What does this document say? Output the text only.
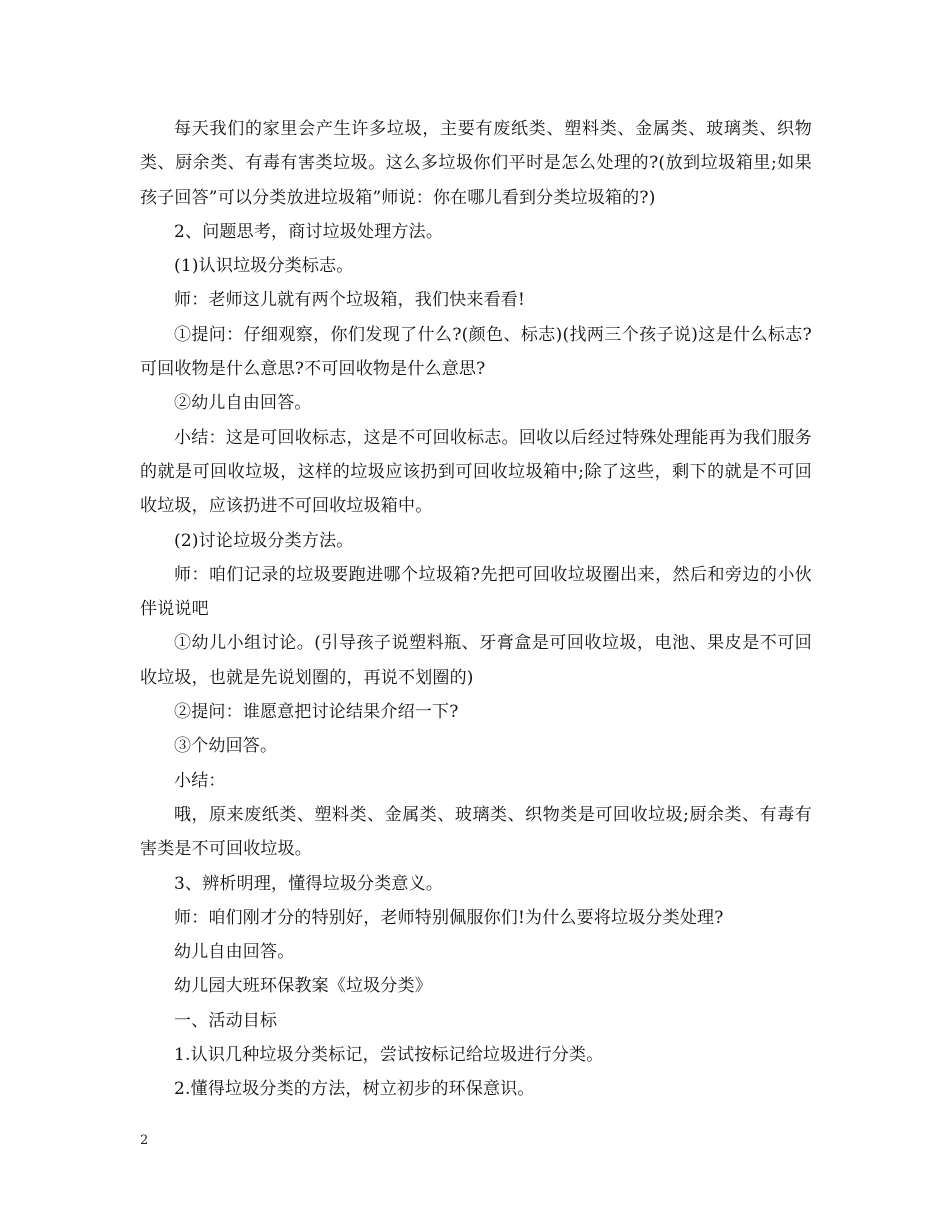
每天我们的家里会产生许多垃圾，主要有废纸类、塑料类、金属类、玻璃类、织物类、厨余类、有毒有害类垃圾。这么多垃圾你们平时是怎么处理的?(放到垃圾箱里;如果孩子回答”可以分类放进垃圾箱”师说：你在哪儿看到分类垃圾箱的?)

2、问题思考，商讨垃圾处理方法。

(1)认识垃圾分类标志。

师：老师这儿就有两个垃圾箱，我们快来看看!

①提问：仔细观察，你们发现了什么?(颜色、标志)(找两三个孩子说)这是什么标志?可回收物是什么意思?不可回收物是什么意思?

②幼儿自由回答。

小结：这是可回收标志，这是不可回收标志。回收以后经过特殊处理能再为我们服务的就是可回收垃圾，这样的垃圾应该扔到可回收垃圾箱中;除了这些，剩下的就是不可回收垃圾，应该扔进不可回收垃圾箱中。

(2)讨论垃圾分类方法。

师：咱们记录的垃圾要跑进哪个垃圾箱?先把可回收垃圾圈出来，然后和旁边的小伙伴说说吧

①幼儿小组讨论。(引导孩子说塑料瓶、牙膏盒是可回收垃圾，电池、果皮是不可回收垃圾，也就是先说划圈的，再说不划圈的)

②提问：谁愿意把讨论结果介绍一下?

③个幼回答。

小结：

哦，原来废纸类、塑料类、金属类、玻璃类、织物类是可回收垃圾;厨余类、有毒有害类是不可回收垃圾。

3、辨析明理，懂得垃圾分类意义。

师：咱们刚才分的特别好，老师特别佩服你们!为什么要将垃圾分类处理?

幼儿自由回答。

幼儿园大班环保教案《垃圾分类》

一、活动目标

1.认识几种垃圾分类标记，尝试按标记给垃圾进行分类。

2.懂得垃圾分类的方法，树立初步的环保意识。

2
